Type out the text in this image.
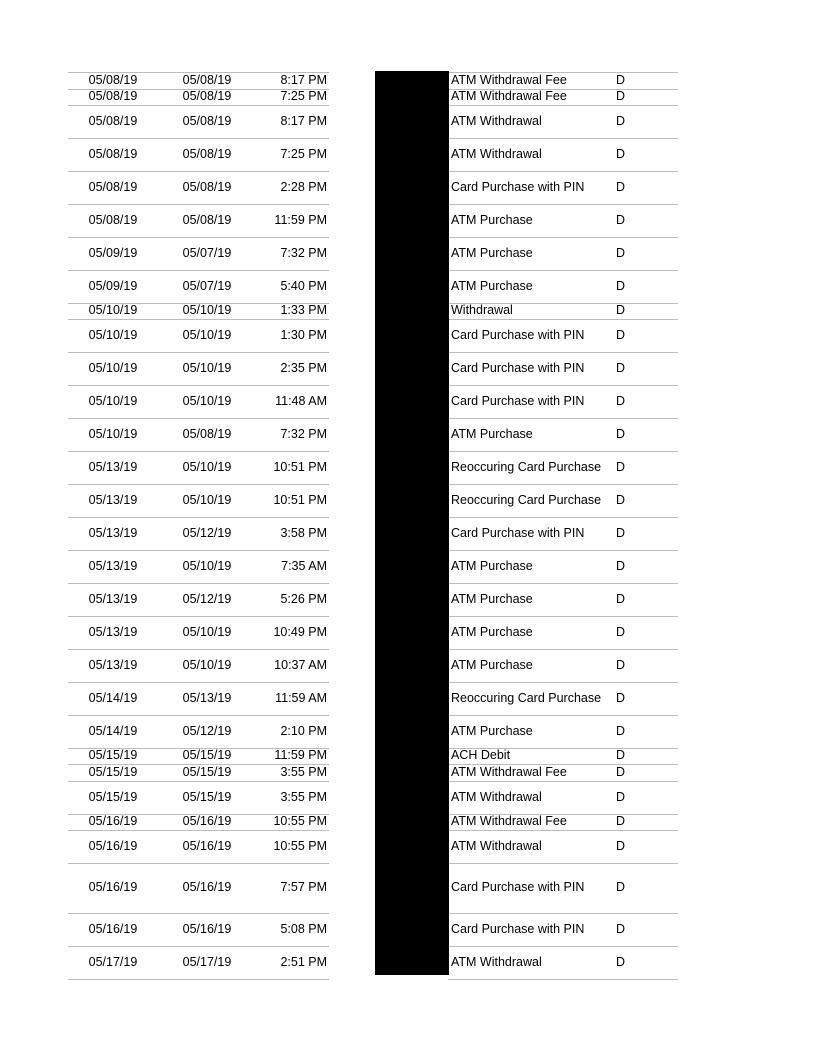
05/08/19	05/08/19	8:17 PM	ATM Withdrawal Fee	D
05/08/19	05/08/19	7:25 PM	ATM Withdrawal Fee	D
05/08/19	05/08/19	8:17 PM	ATM Withdrawal	D
05/08/19	05/08/19	7:25 PM	ATM Withdrawal	D
05/08/19	05/08/19	2:28 PM	Card Purchase with PIN	D
05/08/19	05/08/19	11:59 PM	ATM Purchase	D
05/09/19	05/07/19	7:32 PM	ATM Purchase	D
05/09/19	05/07/19	5:40 PM	ATM Purchase	D
05/10/19	05/10/19	1:33 PM	Withdrawal	D
05/10/19	05/10/19	1:30 PM	Card Purchase with PIN	D
05/10/19	05/10/19	2:35 PM	Card Purchase with PIN	D
05/10/19	05/10/19	11:48 AM	Card Purchase with PIN	D
05/10/19	05/08/19	7:32 PM	ATM Purchase	D
05/13/19	05/10/19	10:51 PM	Reoccuring Card Purchase	D
05/13/19	05/10/19	10:51 PM	Reoccuring Card Purchase	D
05/13/19	05/12/19	3:58 PM	Card Purchase with PIN	D
05/13/19	05/10/19	7:35 AM	ATM Purchase	D
05/13/19	05/12/19	5:26 PM	ATM Purchase	D
05/13/19	05/10/19	10:49 PM	ATM Purchase	D
05/13/19	05/10/19	10:37 AM	ATM Purchase	D
05/14/19	05/13/19	11:59 AM	Reoccuring Card Purchase	D
05/14/19	05/12/19	2:10 PM	ATM Purchase	D
05/15/19	05/15/19	11:59 PM	ACH Debit	D
05/15/19	05/15/19	3:55 PM	ATM Withdrawal Fee	D
05/15/19	05/15/19	3:55 PM	ATM Withdrawal	D
05/16/19	05/16/19	10:55 PM	ATM Withdrawal Fee	D
05/16/19	05/16/19	10:55 PM	ATM Withdrawal	D
05/16/19	05/16/19	7:57 PM	Card Purchase with PIN	D
05/16/19	05/16/19	5:08 PM	Card Purchase with PIN	D
05/17/19	05/17/19	2:51 PM	ATM Withdrawal	D
